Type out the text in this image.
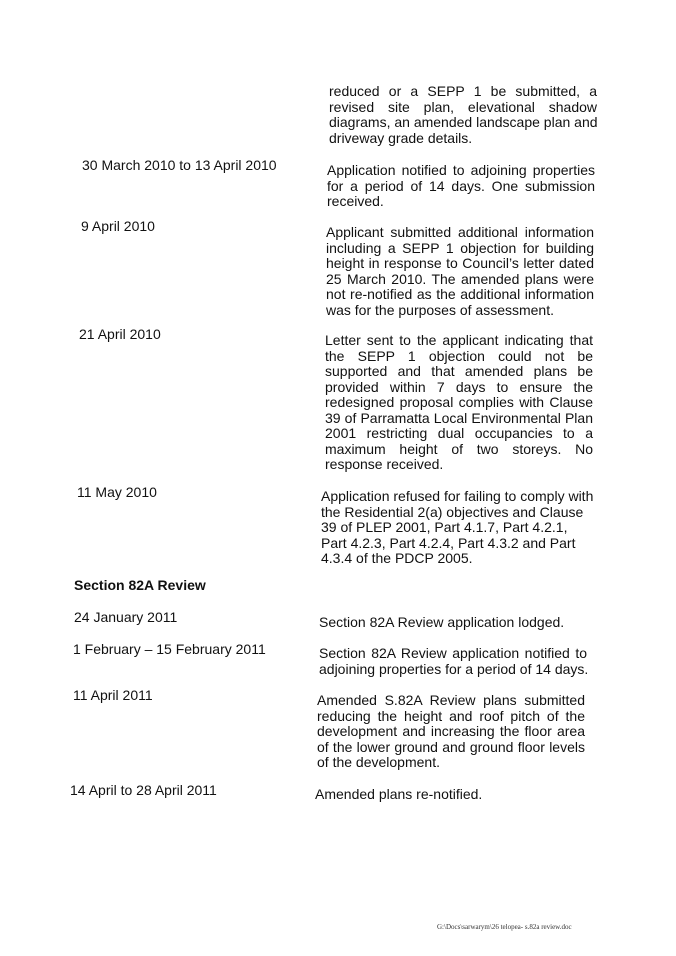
reduced or a SEPP 1 be submitted, a
revised site plan, elevational shadow
diagrams, an amended landscape plan and
driveway grade details.
30 March 2010 to 13 April 2010	Application notified to adjoining properties
for a period of 14 days. One submission
received.
9 April 2010	Applicant submitted additional information
including a SEPP 1 objection for building
height in response to Council’s letter dated
25 March 2010. The amended plans were
not re-notified as the additional information
was for the purposes of assessment.
21 April 2010	Letter sent to the applicant indicating that
the SEPP 1 objection could not be
supported and that amended plans be
provided within 7 days to ensure the
redesigned proposal complies with Clause
39 of Parramatta Local Environmental Plan
2001 restricting dual occupancies to a
maximum height of two storeys. No
response received.
11 May 2010	Application refused for failing to comply with
the Residential 2(a) objectives and Clause
39 of PLEP 2001, Part 4.1.7, Part 4.2.1,
Part 4.2.3, Part 4.2.4, Part 4.3.2 and Part
4.3.4 of the PDCP 2005.
Section 82A Review
24 January 2011	Section 82A Review application lodged.
1 February – 15 February 2011	Section 82A Review application notified to
adjoining properties for a period of 14 days.
11 April 2011	Amended S.82A Review plans submitted
reducing the height and roof pitch of the
development and increasing the floor area
of the lower ground and ground floor levels
of the development.
14 April to 28 April 2011	Amended plans re-notified.
G:\Docs\sarwarym\26 telopea- s.82a review.doc
